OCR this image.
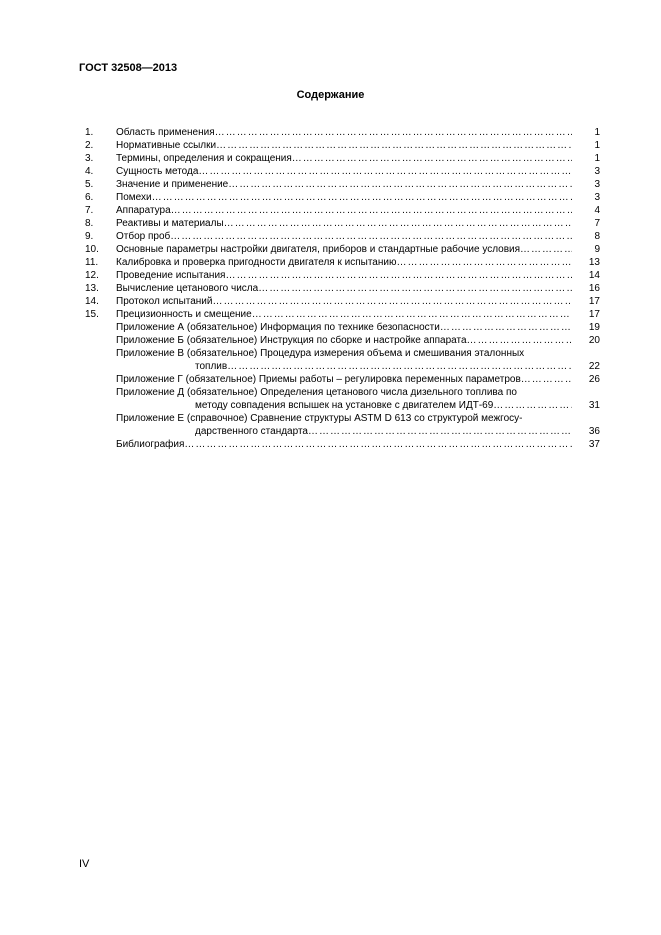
ГОСТ 32508—2013
Содержание
1.	Область применения ……………………………………………………………………………………………………………………………………………………………………	1
2.	Нормативные ссылки ……………………………………………………………………………………………………………………………………………………………………	1
3.	Термины, определения и сокращения ……………………………………………………………………………………………………………………………………………………………………	1
4.	Сущность метода ……………………………………………………………………………………………………………………………………………………………………	3
5.	Значение и применение ……………………………………………………………………………………………………………………………………………………………………	3
6.	Помехи ……………………………………………………………………………………………………………………………………………………………………	3
7.	Аппаратура ……………………………………………………………………………………………………………………………………………………………………	4
8.	Реактивы и материалы ……………………………………………………………………………………………………………………………………………………………………	7
9.	Отбор проб ……………………………………………………………………………………………………………………………………………………………………	8
10.	Основные параметры настройки двигателя, приборов и стандартные рабочие условия ……………………………………………………………………………………………………………………………………………………………………	9
11.	Калибровка и проверка пригодности двигателя к испытанию ……………………………………………………………………………………………………………………………………………………………………	13
12.	Проведение испытания ……………………………………………………………………………………………………………………………………………………………………	14
13.	Вычисление цетанового числа ……………………………………………………………………………………………………………………………………………………………………	16
14.	Протокол испытаний ……………………………………………………………………………………………………………………………………………………………………	17
15.	Прецизионность и смещение ……………………………………………………………………………………………………………………………………………………………………	17
Приложение А (обязательное) Информация по технике безопасности ……………………………………………………………………………………………………………………………………………………………………	19
Приложение Б (обязательное) Инструкция по сборке и настройке аппарата ……………………………………………………………………………………………………………………………………………………………………	20
Приложение В (обязательное) Процедура измерения объема и смешивания эталонных
топлив ……………………………………………………………………………………………………………………………………………………………………	22
Приложение Г (обязательное) Приемы работы – регулировка переменных параметров ……………………………………………………………………………………………………………………………………………………………………	26
Приложение Д (обязательное) Определения цетанового числа дизельного топлива по
методу совпадения вспышек на установке с двигателем ИДТ-69 ……………………………………………………………………………………………………………………………………………………………………	31
Приложение Е (справочное) Сравнение структуры ASTM D 613 со структурой межгосу-
дарственного стандарта ……………………………………………………………………………………………………………………………………………………………………	36
Библиография ……………………………………………………………………………………………………………………………………………………………………	37
IV
